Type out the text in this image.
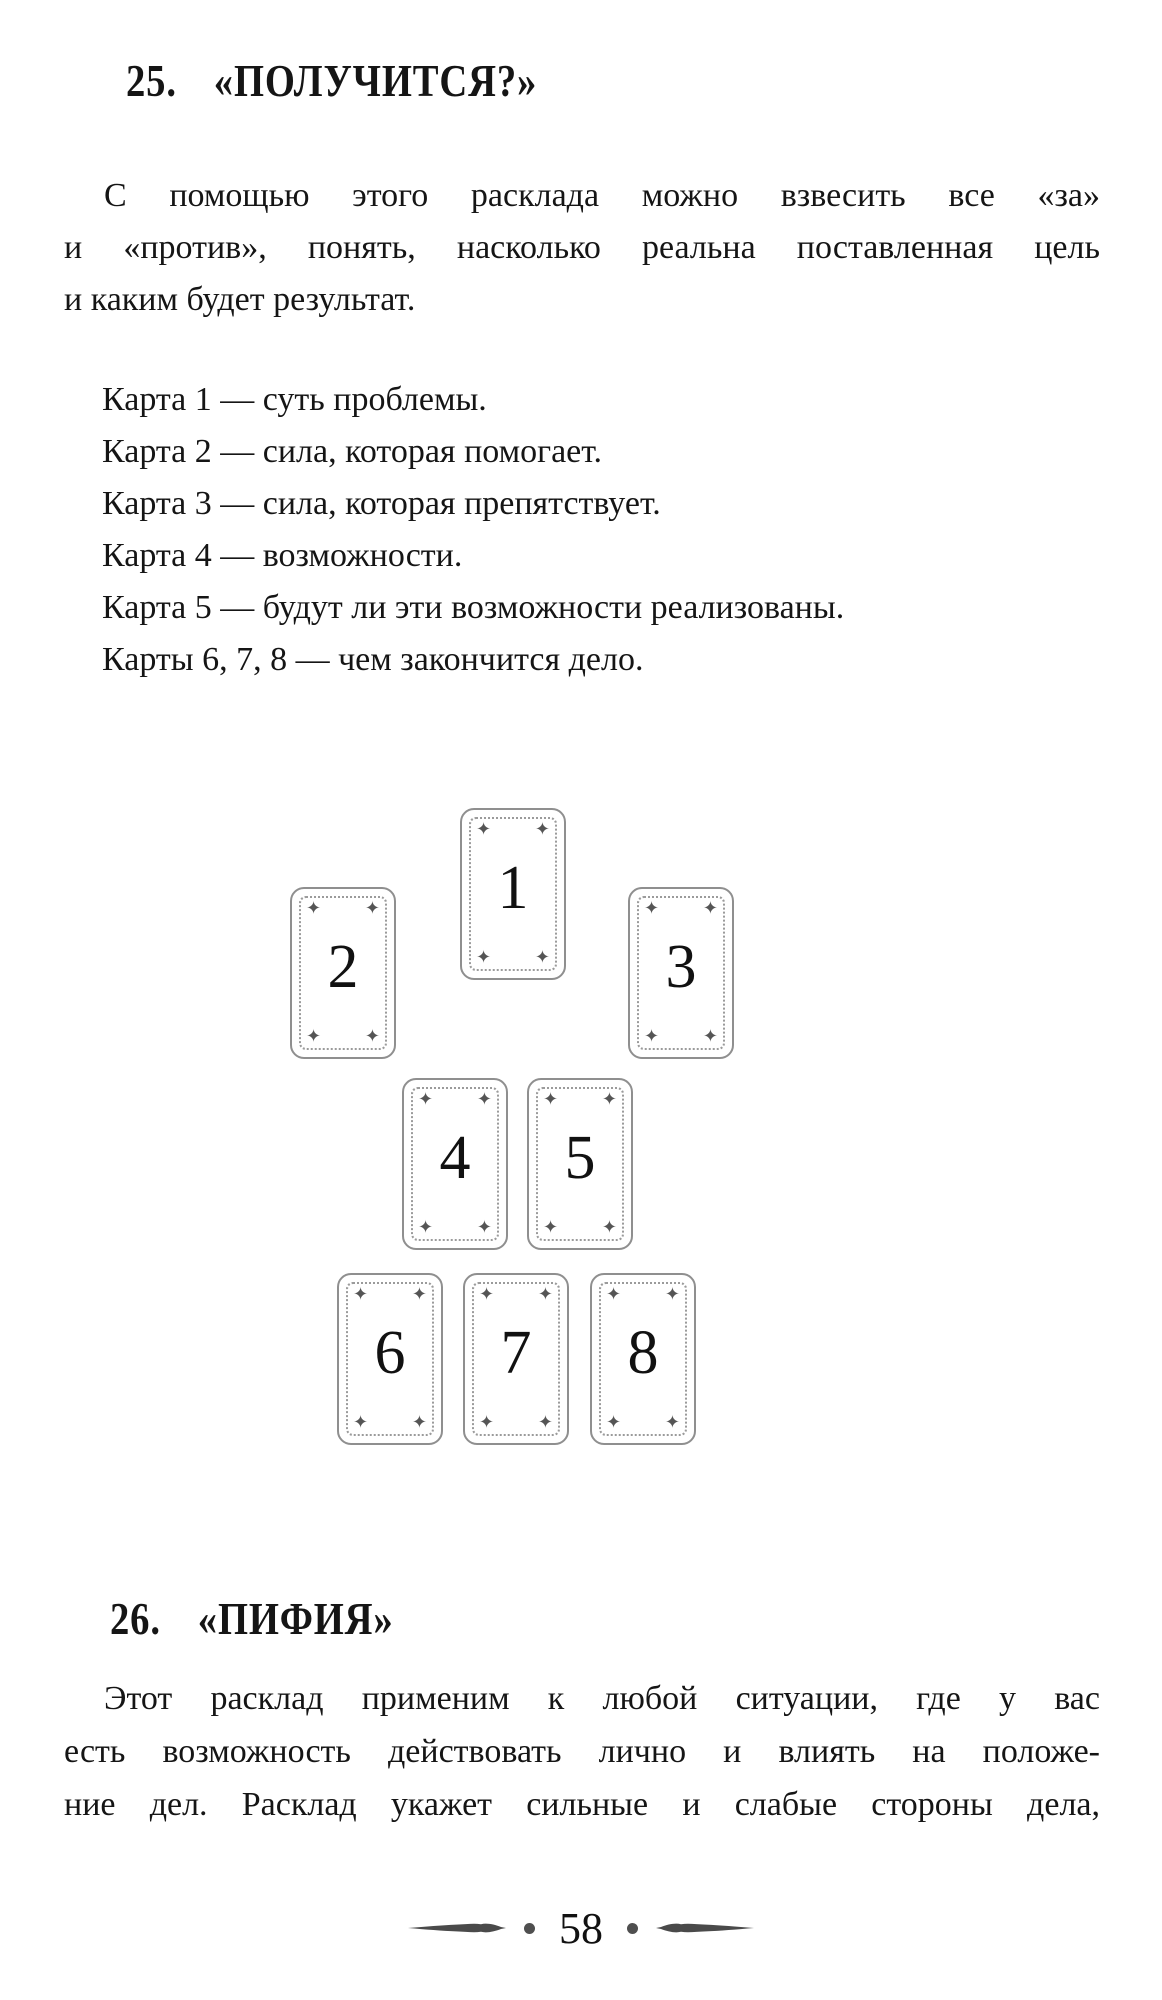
25. «ПОЛУЧИТСЯ?»
С помощью этого расклада можно взвесить все «за»
и «против», понять, насколько реальна поставленная цель
и каким будет результат.
Карта 1 — суть проблемы.
Карта 2 — сила, которая помогает.
Карта 3 — сила, которая препятствует.
Карта 4 — возможности.
Карта 5 — будут ли эти возможности реализованы.
Карты 6, 7, 8 — чем закончится дело.
✦ ✦
✦ ✦
1
✦ ✦
✦ ✦
2
✦ ✦
✦ ✦
3
✦ ✦
✦ ✦
4
✦ ✦
✦ ✦
5
✦ ✦
✦ ✦
6
✦ ✦
✦ ✦
7
✦ ✦
✦ ✦
8
26. «ПИФИЯ»
Этот расклад применим к любой ситуации, где у вас
есть возможность действовать лично и влиять на положе-
ние дел. Расклад укажет сильные и слабые стороны дела,
58
